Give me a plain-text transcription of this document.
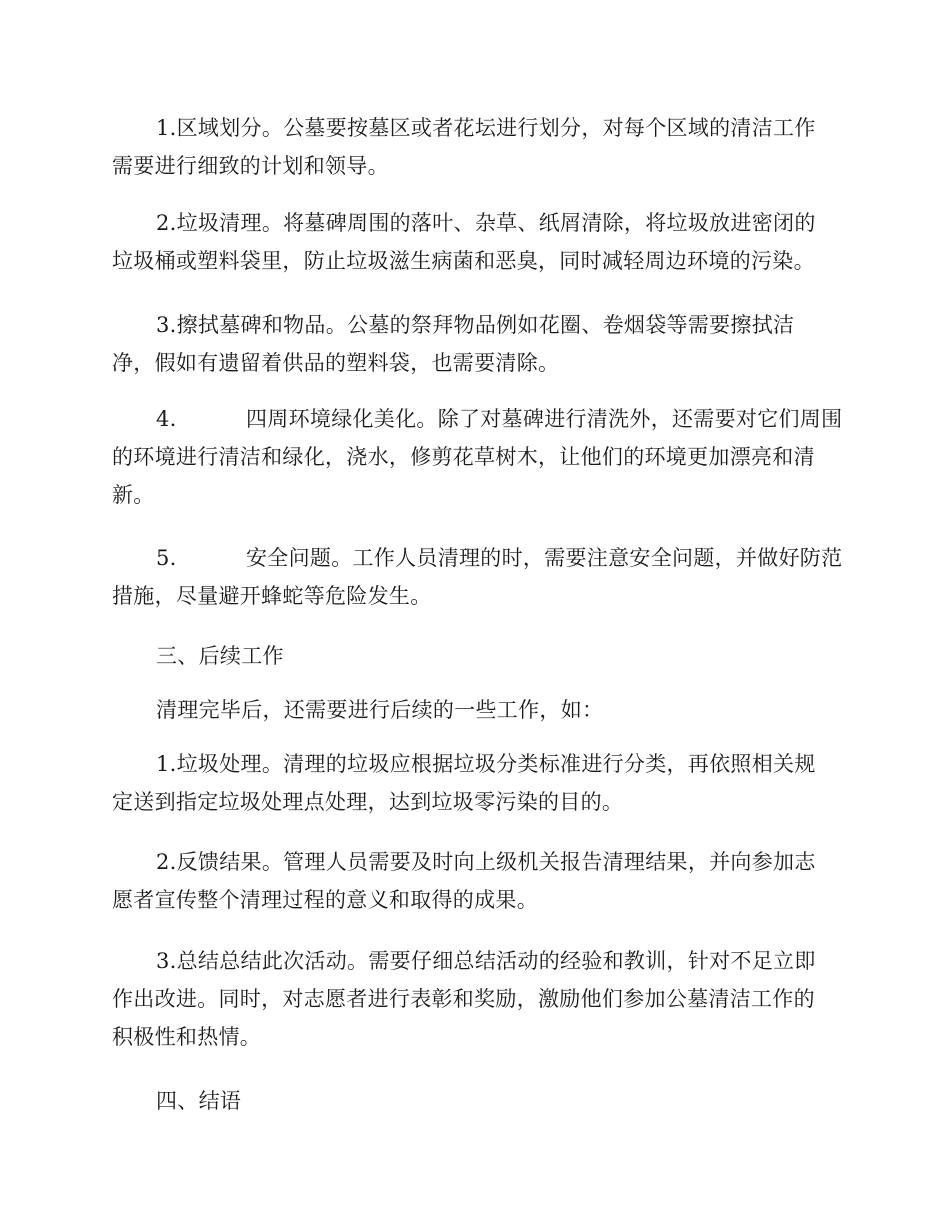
1.区域划分。公墓要按墓区或者花坛进行划分，对每个区域的清洁工作
需要进行细致的计划和领导。
2.垃圾清理。将墓碑周围的落叶、杂草、纸屑清除，将垃圾放进密闭的
垃圾桶或塑料袋里，防止垃圾滋生病菌和恶臭，同时减轻周边环境的污染。
3.擦拭墓碑和物品。公墓的祭拜物品例如花圈、卷烟袋等需要擦拭洁
净，假如有遗留着供品的塑料袋，也需要清除。
4.	四周环境绿化美化。除了对墓碑进行清洗外，还需要对它们周围
的环境进行清洁和绿化，浇水，修剪花草树木，让他们的环境更加漂亮和清
新。
5.	安全问题。工作人员清理的时，需要注意安全问题，并做好防范
措施，尽量避开蜂蛇等危险发生。
三、后续工作
清理完毕后，还需要进行后续的一些工作，如：
1.垃圾处理。清理的垃圾应根据垃圾分类标准进行分类，再依照相关规
定送到指定垃圾处理点处理，达到垃圾零污染的目的。
2.反馈结果。管理人员需要及时向上级机关报告清理结果，并向参加志
愿者宣传整个清理过程的意义和取得的成果。
3.总结总结此次活动。需要仔细总结活动的经验和教训，针对不足立即
作出改进。同时，对志愿者进行表彰和奖励，激励他们参加公墓清洁工作的
积极性和热情。
四、结语
